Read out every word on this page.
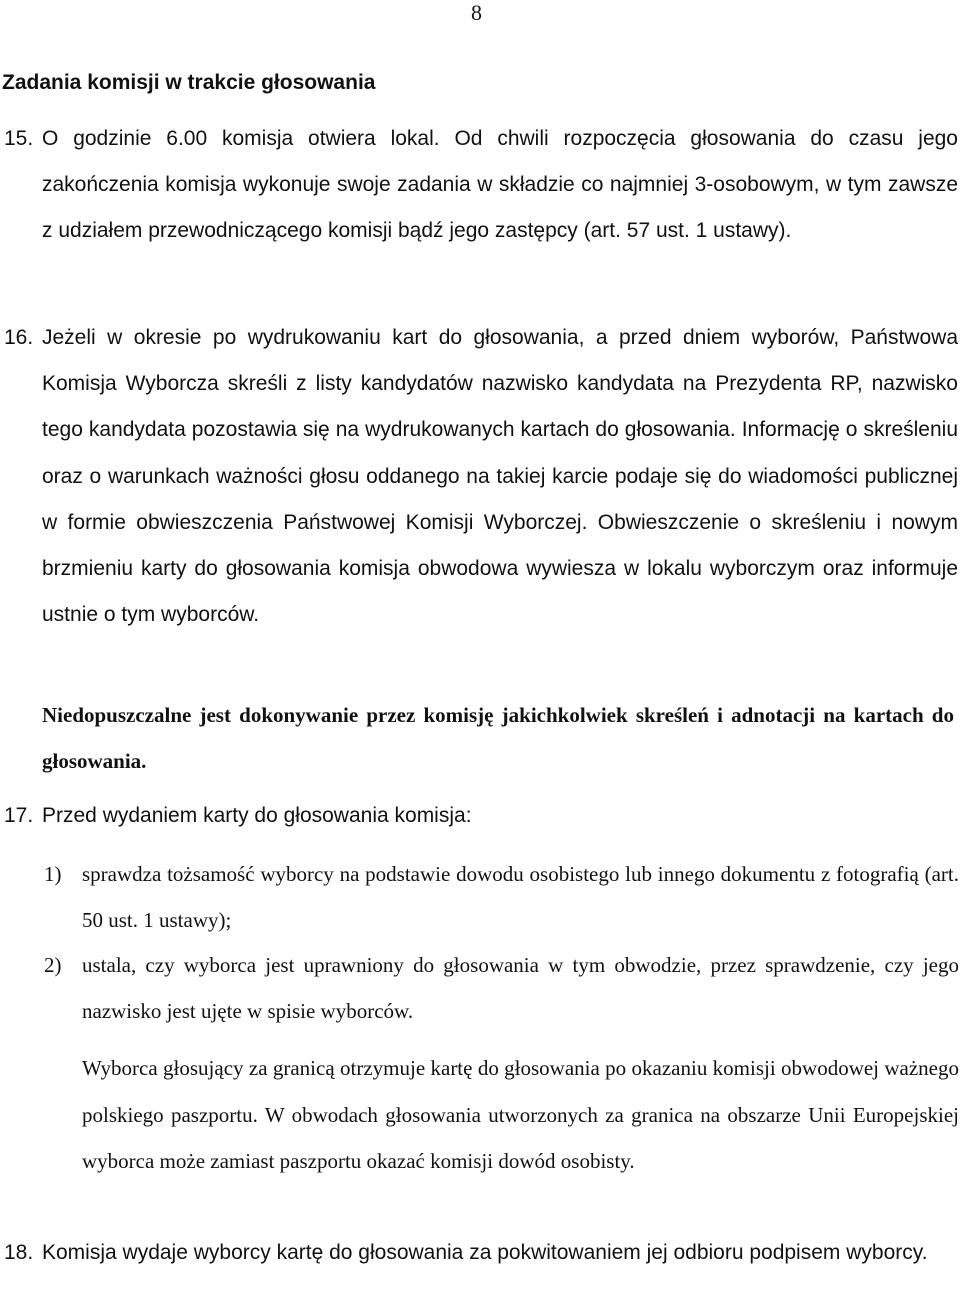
8
Zadania komisji w trakcie głosowania
15. O godzinie 6.00 komisja otwiera lokal. Od chwili rozpoczęcia głosowania do czasu jego zakończenia komisja wykonuje swoje zadania w składzie co najmniej 3-osobowym, w tym zawsze z udziałem przewodniczącego komisji bądź jego zastępcy (art. 57 ust. 1 ustawy).
16. Jeżeli w okresie po wydrukowaniu kart do głosowania, a przed dniem wyborów, Państwowa Komisja Wyborcza skreśli z listy kandydatów nazwisko kandydata na Prezydenta RP, nazwisko tego kandydata pozostawia się na wydrukowanych kartach do głosowania. Informację o skreśleniu oraz o warunkach ważności głosu oddanego na takiej karcie podaje się do wiadomości publicznej w formie obwieszczenia Państwowej Komisji Wyborczej. Obwieszczenie o skreśleniu i nowym brzmieniu karty do głosowania komisja obwodowa wywiesza w lokalu wyborczym oraz informuje ustnie o tym wyborców.

Niedopuszczalne jest dokonywanie przez komisję jakichkolwiek skreśleń i adnotacji na kartach do głosowania.

17. Przed wydaniem karty do głosowania komisja:
1) sprawdza tożsamość wyborcy na podstawie dowodu osobistego lub innego dokumentu z fotografią (art. 50 ust. 1 ustawy);
2) ustala, czy wyborca jest uprawniony do głosowania w tym obwodzie, przez sprawdzenie, czy jego nazwisko jest ujęte w spisie wyborców.

Wyborca głosujący za granicą otrzymuje kartę do głosowania po okazaniu komisji obwodowej ważnego polskiego paszportu. W obwodach głosowania utworzonych za granica na obszarze Unii Europejskiej wyborca może zamiast paszportu okazać komisji dowód osobisty.

18. Komisja wydaje wyborcy kartę do głosowania za pokwitowaniem jej odbioru podpisem wyborcy.
